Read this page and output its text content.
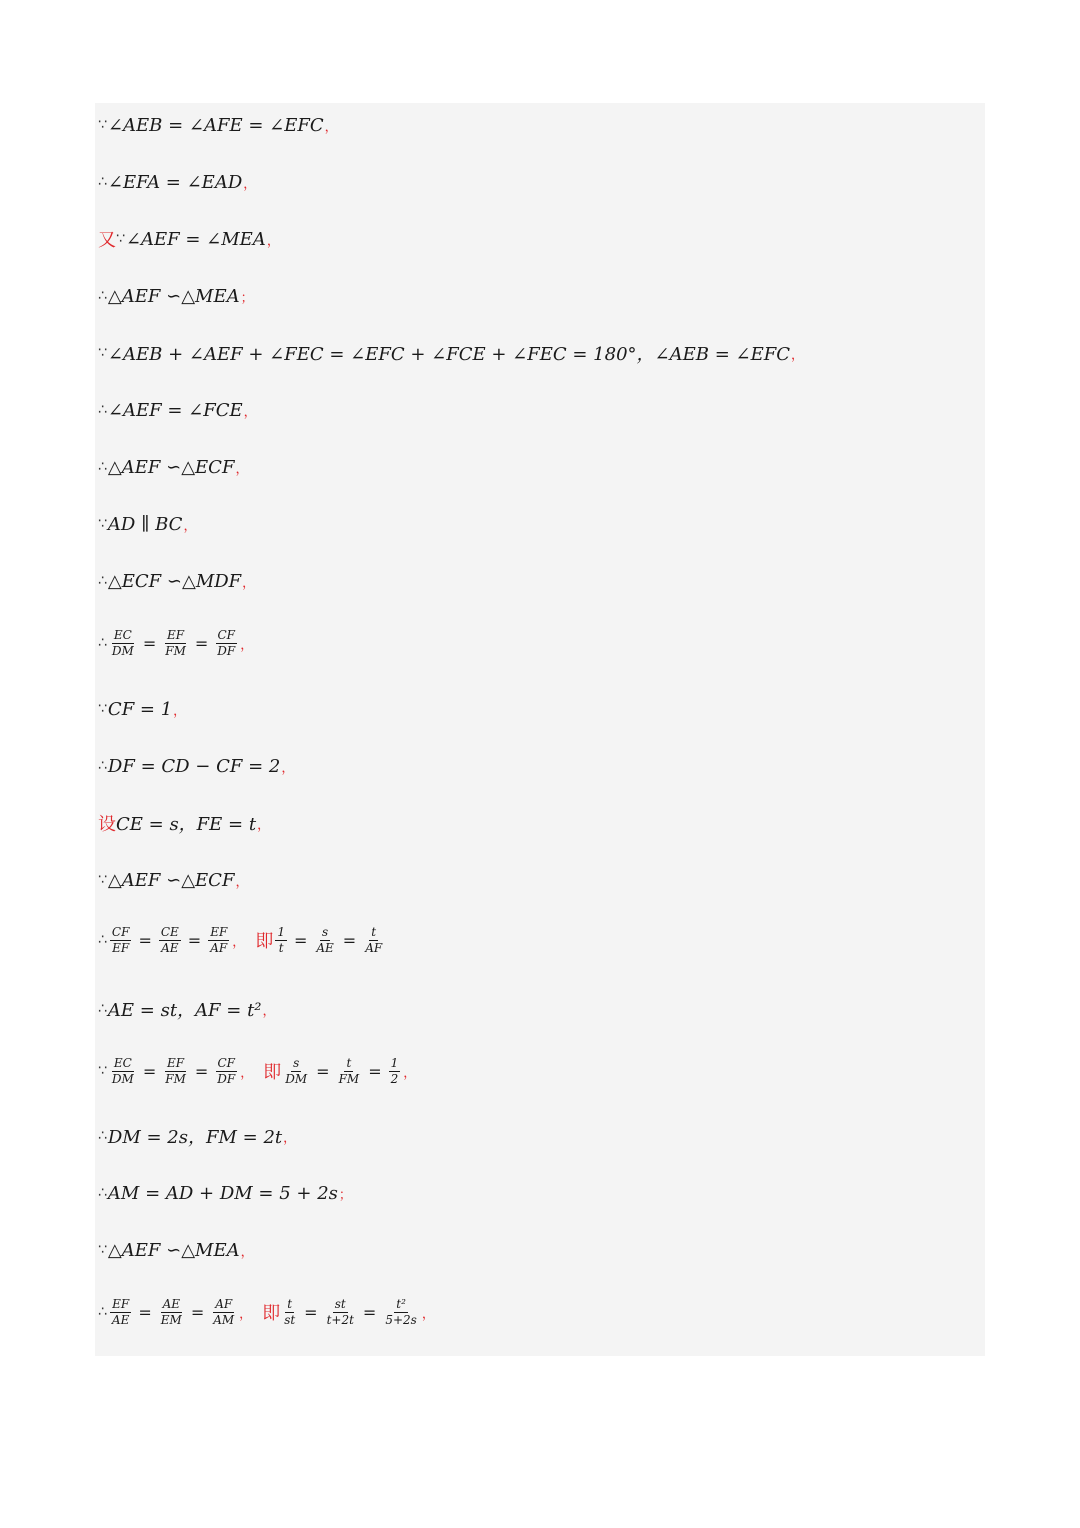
∵ ∠AEB = ∠AFE = ∠EFC ，
∴ ∠EFA = ∠EAD ，
又 ∵ ∠AEF = ∠MEA ，
∴ △AEF ∽△MEA ；
∵ ∠AEB + ∠AEF + ∠FEC = ∠EFC + ∠FCE + ∠FEC = 180°，∠AEB = ∠EFC ，
∴ ∠AEF = ∠FCE ，
∴ △AEF ∽△ECF ，
∵ AD ∥ BC ，
∴ △ECF ∽△MDF ，
∴ $\frac{EC}{DM} = \frac{EF}{FM} = \frac{CF}{DF}$ ，
∵ CF = 1 ，
∴ DF = CD − CF = 2 ，
设 CE = s，FE = t ，
∵ △AEF ∽△ECF ，
∴ $\frac{CF}{EF} = \frac{CE}{AE} = \frac{EF}{AF}$ ， 即 $\frac{1}{t} = \frac{s}{AE} = \frac{t}{AF}$
∴ AE = st，AF = t² ，
∵ $\frac{EC}{DM} = \frac{EF}{FM} = \frac{CF}{DF}$ ， 即 $\frac{s}{DM} = \frac{t}{FM} = \frac{1}{2}$ ，
∴ DM = 2s，FM = 2t ，
∴ AM = AD + DM = 5 + 2s ；
∵ △AEF ∽△MEA ，
∴ $\frac{EF}{AE} = \frac{AE}{EM} = \frac{AF}{AM}$ ， 即 $\frac{t}{st} = \frac{st}{t+2t} = \frac{\text{t²}}{5+2s}$ ，
